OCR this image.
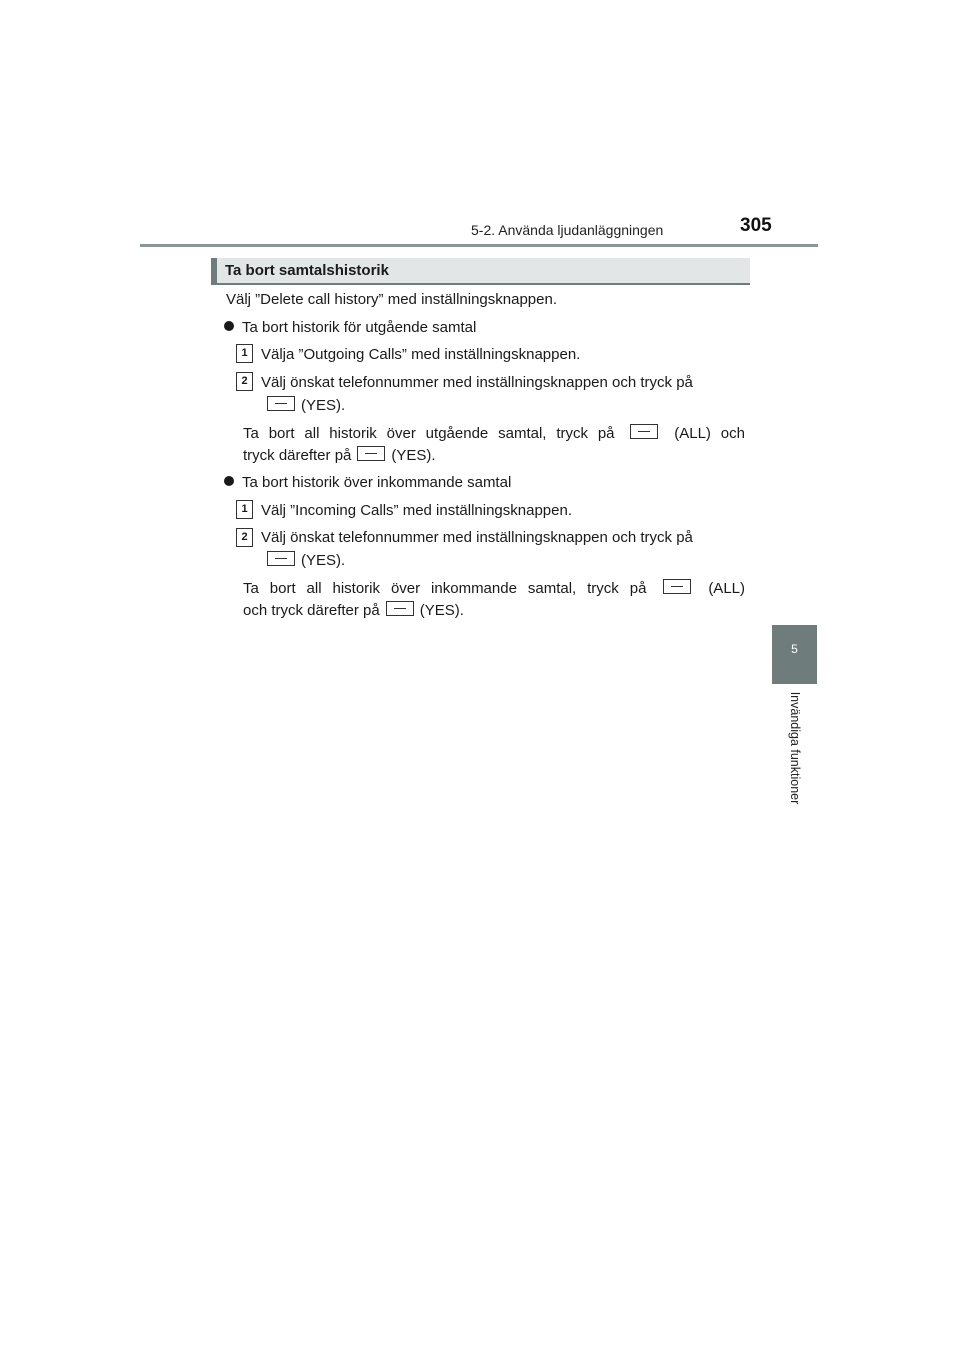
5-2. Använda ljudanläggningen	305
5
Invändiga funktioner
Ta bort samtalshistorik
Välj ”Delete call history” med inställningsknappen.
Ta bort historik för utgående samtal
1 Välja ”Outgoing Calls” med inställningsknappen.
2 Välj önskat telefonnummer med inställningsknappen och tryck på
(YES).
Ta bort all historik över utgående samtal, tryck på	(ALL) och
tryck därefter på	(YES).
Ta bort historik över inkommande samtal
1 Välj ”Incoming Calls” med inställningsknappen.
2 Välj önskat telefonnummer med inställningsknappen och tryck på
(YES).
Ta bort all historik över inkommande samtal, tryck på	(ALL)
och tryck därefter på	(YES).
